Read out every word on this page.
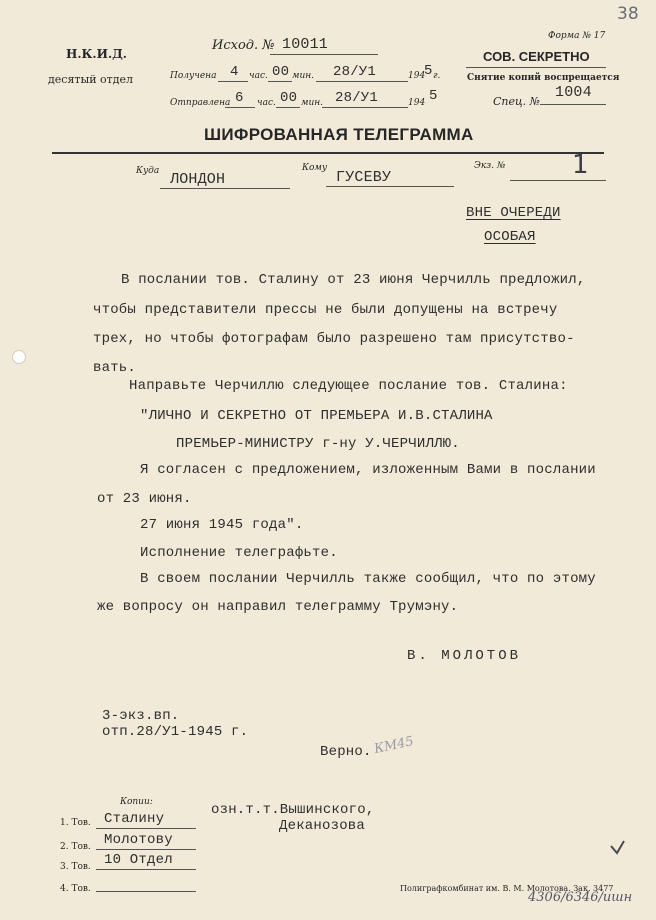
38
Н.К.И.Д.
десятый отдел
Исход. № 10011
Получена 4 час. 00 мин. 28/У1	194
5 г.
Отправлена 6 час. 00 мин. 28/У1	194 5
Форма № 17
СОВ. СЕКРЕТНО
Снятие копий воспрещается
Спец. №
1004
ШИФРОВАННАЯ ТЕЛЕГРАММА
Куда ЛОНДОН
Кому
ГУСЕВУ
Экз. №	1
ВНЕ ОЧЕРЕДИ
ОСОБАЯ
В послании тов. Сталину от 23 июня Черчилль предложил,
чтобы представители прессы не были допущены на встречу
трех, но чтобы фотографам было разрешено там присутство-
вать.
Направьте Черчиллю следующее послание тов. Сталина:
"ЛИЧНО И СЕКРЕТНО ОТ ПРЕМЬЕРА И.В.СТАЛИНА
ПРЕМЬЕР-МИНИСТРУ г-ну У.ЧЕРЧИЛЛЮ.
Я согласен с предложением, изложенным Вами в послании
от 23 июня.
27 июня 1945 года".
Исполнение телеграфьте.
В своем послании Черчилль также сообщил, что по этому
же вопросу он направил телеграмму Трумэну.
В. МОЛОТОВ
3-экз.вп.
отп.28/У1-1945 г.
Верно. КМ45
Копии:
1. Тов. Сталину
2. Тов. Молотову
3. Тов. 10 Отдел
4. Тов.
озн.т.т.Вышинского,
Деканозова
Полиграфкомбинат им. В. М. Молотова. Зак. 3477
4306/6346/ишн
